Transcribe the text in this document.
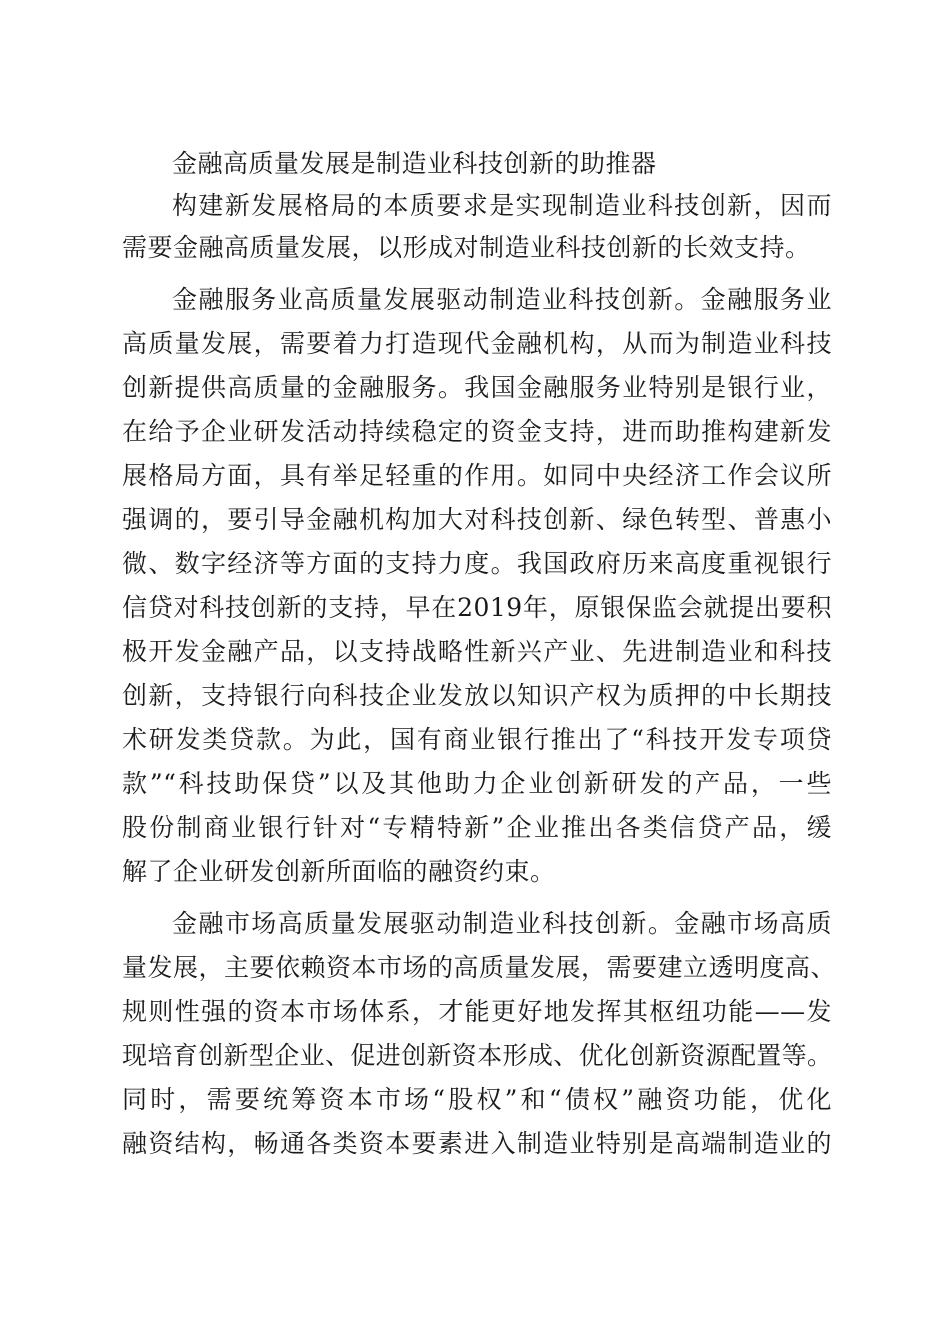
金融高质量发展是制造业科技创新的助推器
构建新发展格局的本质要求是实现制造业科技创新，因而
需要金融高质量发展，以形成对制造业科技创新的长效支持。
金融服务业高质量发展驱动制造业科技创新。金融服务业
高质量发展，需要着力打造现代金融机构，从而为制造业科技
创新提供高质量的金融服务。我国金融服务业特别是银行业，
在给予企业研发活动持续稳定的资金支持，进而助推构建新发
展格局方面，具有举足轻重的作用。如同中央经济工作会议所
强调的，要引导金融机构加大对科技创新、绿色转型、普惠小
微、数字经济等方面的支持力度。我国政府历来高度重视银行
信贷对科技创新的支持，早在2019年，原银保监会就提出要积
极开发金融产品，以支持战略性新兴产业、先进制造业和科技
创新，支持银行向科技企业发放以知识产权为质押的中长期技
术研发类贷款。为此，国有商业银行推出了“科技开发专项贷
款”“科技助保贷”以及其他助力企业创新研发的产品，一些
股份制商业银行针对“专精特新”企业推出各类信贷产品，缓
解了企业研发创新所面临的融资约束。
金融市场高质量发展驱动制造业科技创新。金融市场高质
量发展，主要依赖资本市场的高质量发展，需要建立透明度高、
规则性强的资本市场体系，才能更好地发挥其枢纽功能——发
现培育创新型企业、促进创新资本形成、优化创新资源配置等。
同时，需要统筹资本市场“股权”和“债权”融资功能，优化
融资结构，畅通各类资本要素进入制造业特别是高端制造业的
